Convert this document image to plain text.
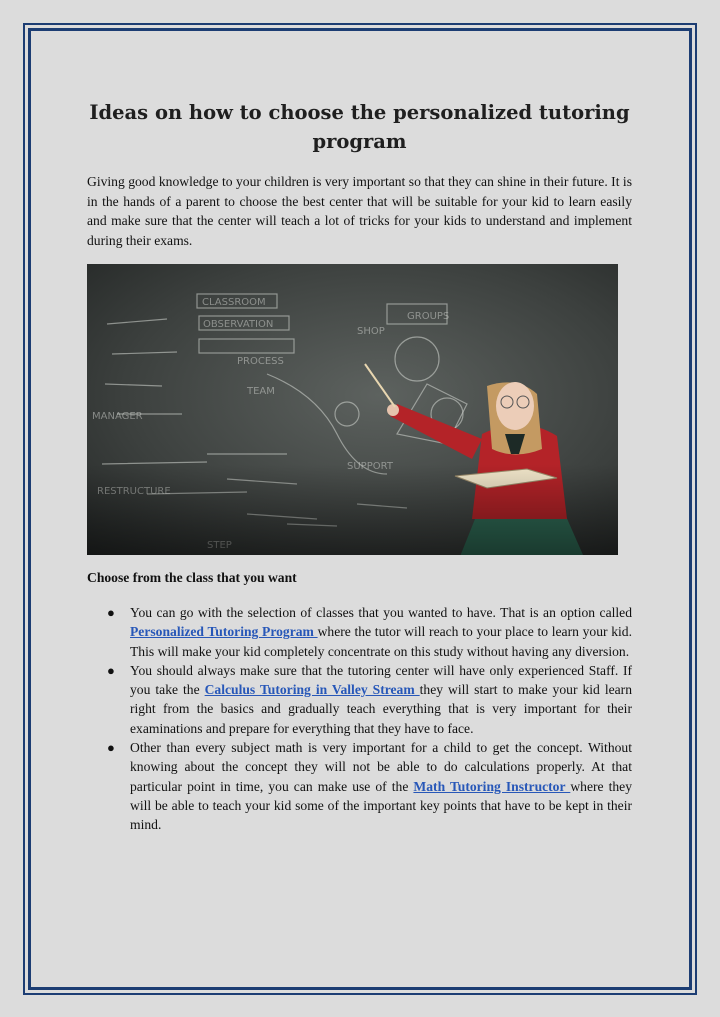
Ideas on how to choose the personalized tutoring program

Giving good knowledge to your children is very important so that they can shine in their future. It is in the hands of a parent to choose the best center that will be suitable for your kid to learn easily and make sure that the center will teach a lot of tricks for your kids to understand and implement during their exams.

CLASSROOM
OBSERVATION
PROCESS
SHOP
GROUPS
MANAGER
TEAM

Choose from the class that you want

● You can go with the selection of classes that you wanted to have. That is an option called Personalized Tutoring Program where the tutor will reach to your place to learn your kid. This will make your kid completely concentrate on this study without having any diversion.
● You should always make sure that the tutoring center will have only experienced Staff. If you take the Calculus Tutoring in Valley Stream they will start to make your kid learn right from the basics and gradually teach everything that is very important for their examinations and prepare for everything that they have to face.
● Other than every subject math is very important for a child to get the concept. Without knowing about the concept they will not be able to do calculations properly. At that particular point in time, you can make use of the Math Tutoring Instructor where they will be able to teach your kid some of the important key points that have to be kept in their mind.
